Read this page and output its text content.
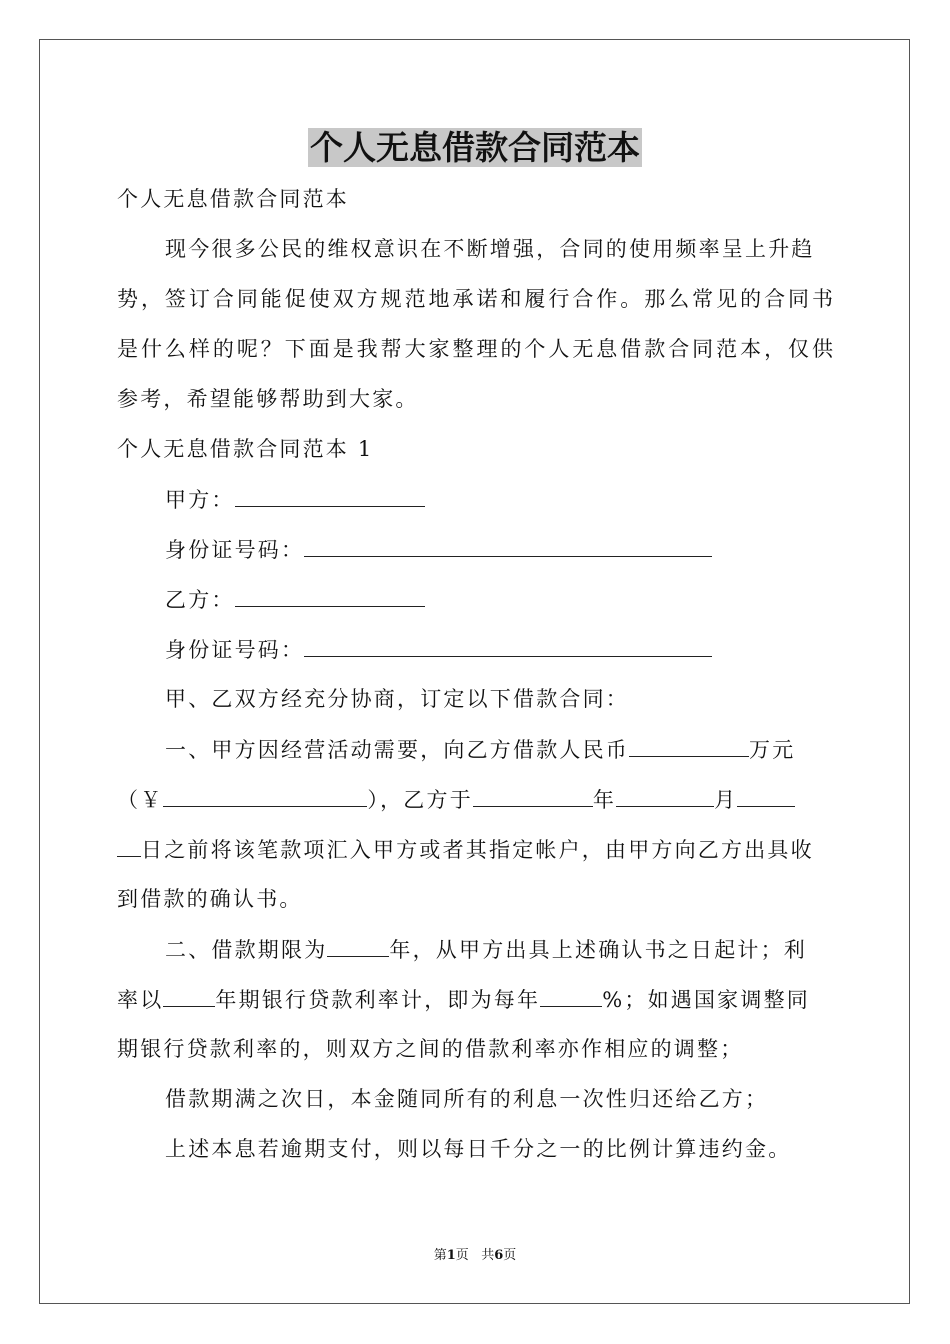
个人无息借款合同范本

个人无息借款合同范本

现今很多公民的维权意识在不断增强，合同的使用频率呈上升趋

势，签订合同能促使双方规范地承诺和履行合作。那么常见的合同书

是什么样的呢？下面是我帮大家整理的个人无息借款合同范本，仅供

参考，希望能够帮助到大家。

个人无息借款合同范本 1

甲方：

身份证号码：

乙方：

身份证号码：

甲、乙双方经充分协商，订定以下借款合同：

一、甲方因经营活动需要，向乙方借款人民币	万元

（￥	），乙方于	年	月

日之前将该笔款项汇入甲方或者其指定帐户，由甲方向乙方出具收

到借款的确认书。

二、借款期限为	年，从甲方出具上述确认书之日起计；利

率以 年期银行贷款利率计，即为每年	%；如遇国家调整同

期银行贷款利率的，则双方之间的借款利率亦作相应的调整；

借款期满之次日，本金随同所有的利息一次性归还给乙方；

上述本息若逾期支付，则以每日千分之一的比例计算违约金。

第1页 共6页
